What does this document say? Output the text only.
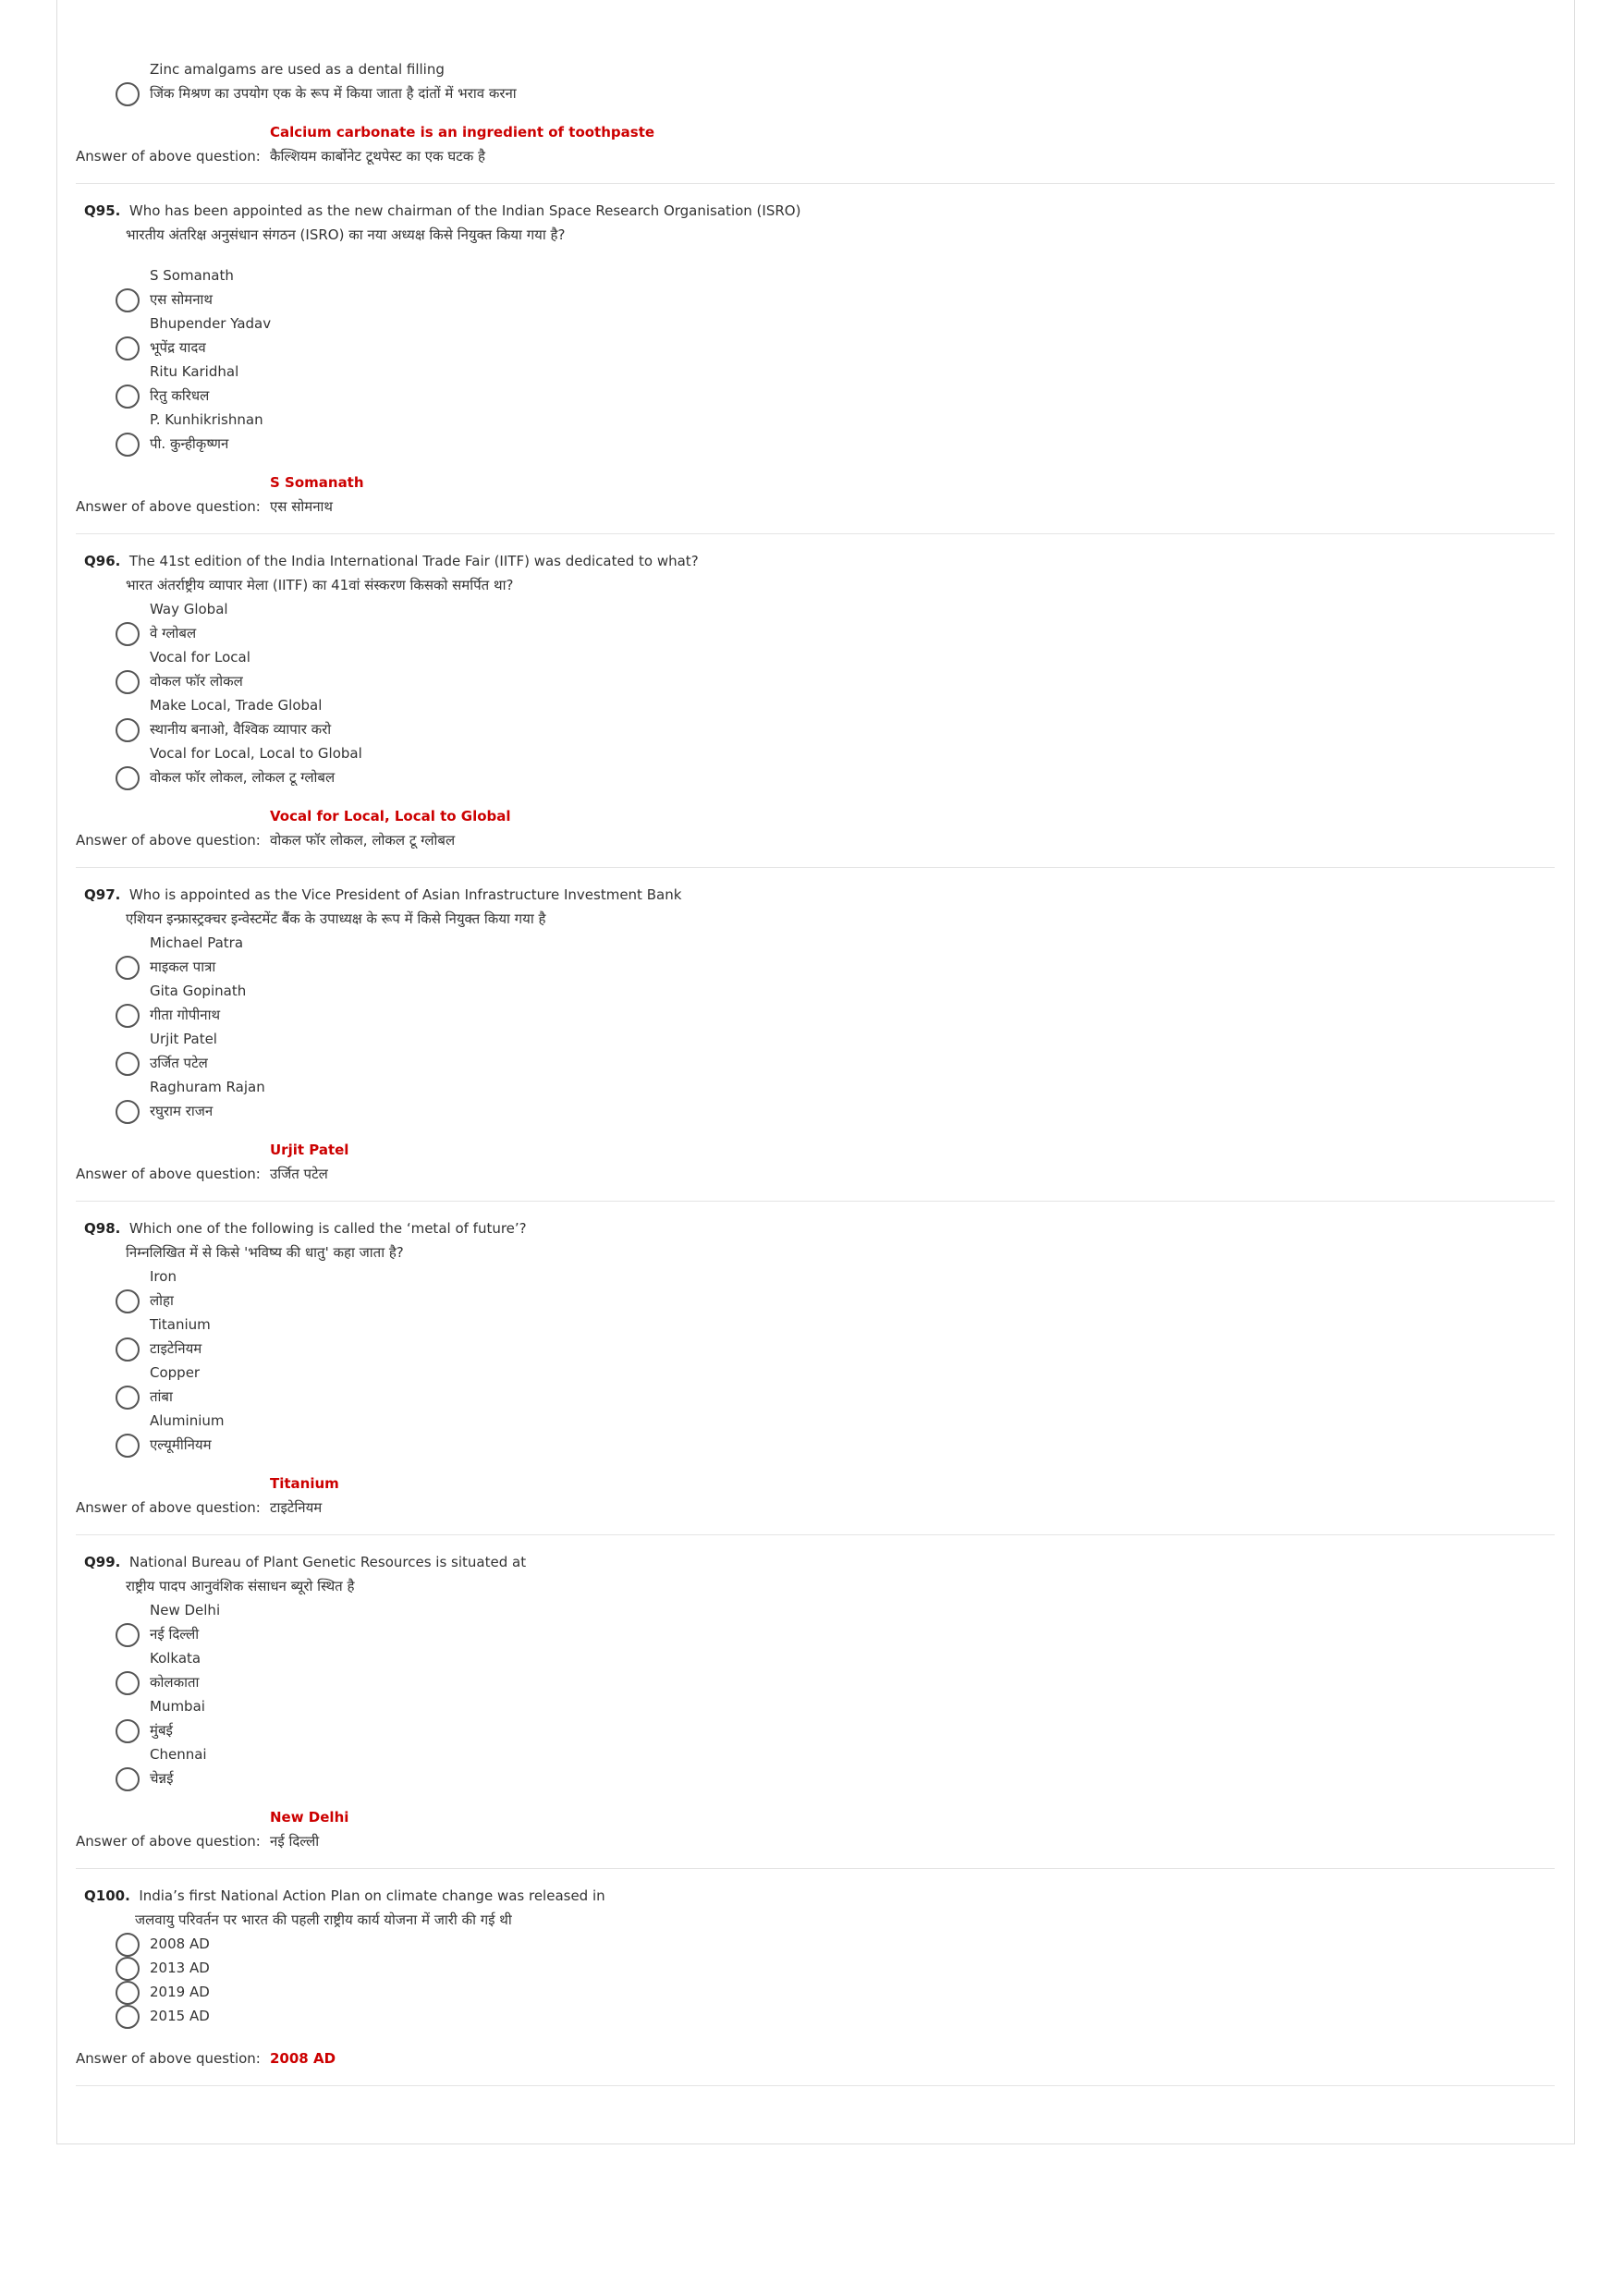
Zinc amalgams are used as a dental filling
जिंक मिश्रण का उपयोग एक के रूप में किया जाता है दांतों में भराव करना
Calcium carbonate is an ingredient of toothpaste
Answer of above question: कैल्शियम कार्बोनेट टूथपेस्ट का एक घटक है
Q95. Who has been appointed as the new chairman of the Indian Space Research Organisation (ISRO)
भारतीय अंतरिक्ष अनुसंधान संगठन (ISRO) का नया अध्यक्ष किसे नियुक्त किया गया है?
S Somanath
एस सोमनाथ
Bhupender Yadav
भूपेंद्र यादव
Ritu Karidhal
रितु करिधल
P. Kunhikrishnan
पी. कुन्हीकृष्णन
S Somanath
Answer of above question: एस सोमनाथ
Q96. The 41st edition of the India International Trade Fair (IITF) was dedicated to what?
भारत अंतर्राष्ट्रीय व्यापार मेला (IITF) का 41वां संस्करण किसको समर्पित था?
Way Global
वे ग्लोबल
Vocal for Local
वोकल फॉर लोकल
Make Local, Trade Global
स्थानीय बनाओ, वैश्विक व्यापार करो
Vocal for Local, Local to Global
वोकल फॉर लोकल, लोकल टू ग्लोबल
Vocal for Local, Local to Global
Answer of above question: वोकल फॉर लोकल, लोकल टू ग्लोबल
Q97. Who is appointed as the Vice President of Asian Infrastructure Investment Bank
एशियन इन्फ्रास्ट्रक्चर इन्वेस्टमेंट बैंक के उपाध्यक्ष के रूप में किसे नियुक्त किया गया है
Michael Patra
माइकल पात्रा
Gita Gopinath
गीता गोपीनाथ
Urjit Patel
उर्जित पटेल
Raghuram Rajan
रघुराम राजन
Urjit Patel
Answer of above question: उर्जित पटेल
Q98. Which one of the following is called the ‘metal of future’?
निम्नलिखित में से किसे 'भविष्य की धातु' कहा जाता है?
Iron
लोहा
Titanium
टाइटेनियम
Copper
तांबा
Aluminium
एल्यूमीनियम
Titanium
Answer of above question: टाइटेनियम
Q99. National Bureau of Plant Genetic Resources is situated at
राष्ट्रीय पादप आनुवंशिक संसाधन ब्यूरो स्थित है
New Delhi
नई दिल्ली
Kolkata
कोलकाता
Mumbai
मुंबई
Chennai
चेन्नई
New Delhi
Answer of above question: नई दिल्ली
Q100. India’s first National Action Plan on climate change was released in
जलवायु परिवर्तन पर भारत की पहली राष्ट्रीय कार्य योजना में जारी की गई थी
2008 AD
2013 AD
2019 AD
2015 AD
Answer of above question: 2008 AD
